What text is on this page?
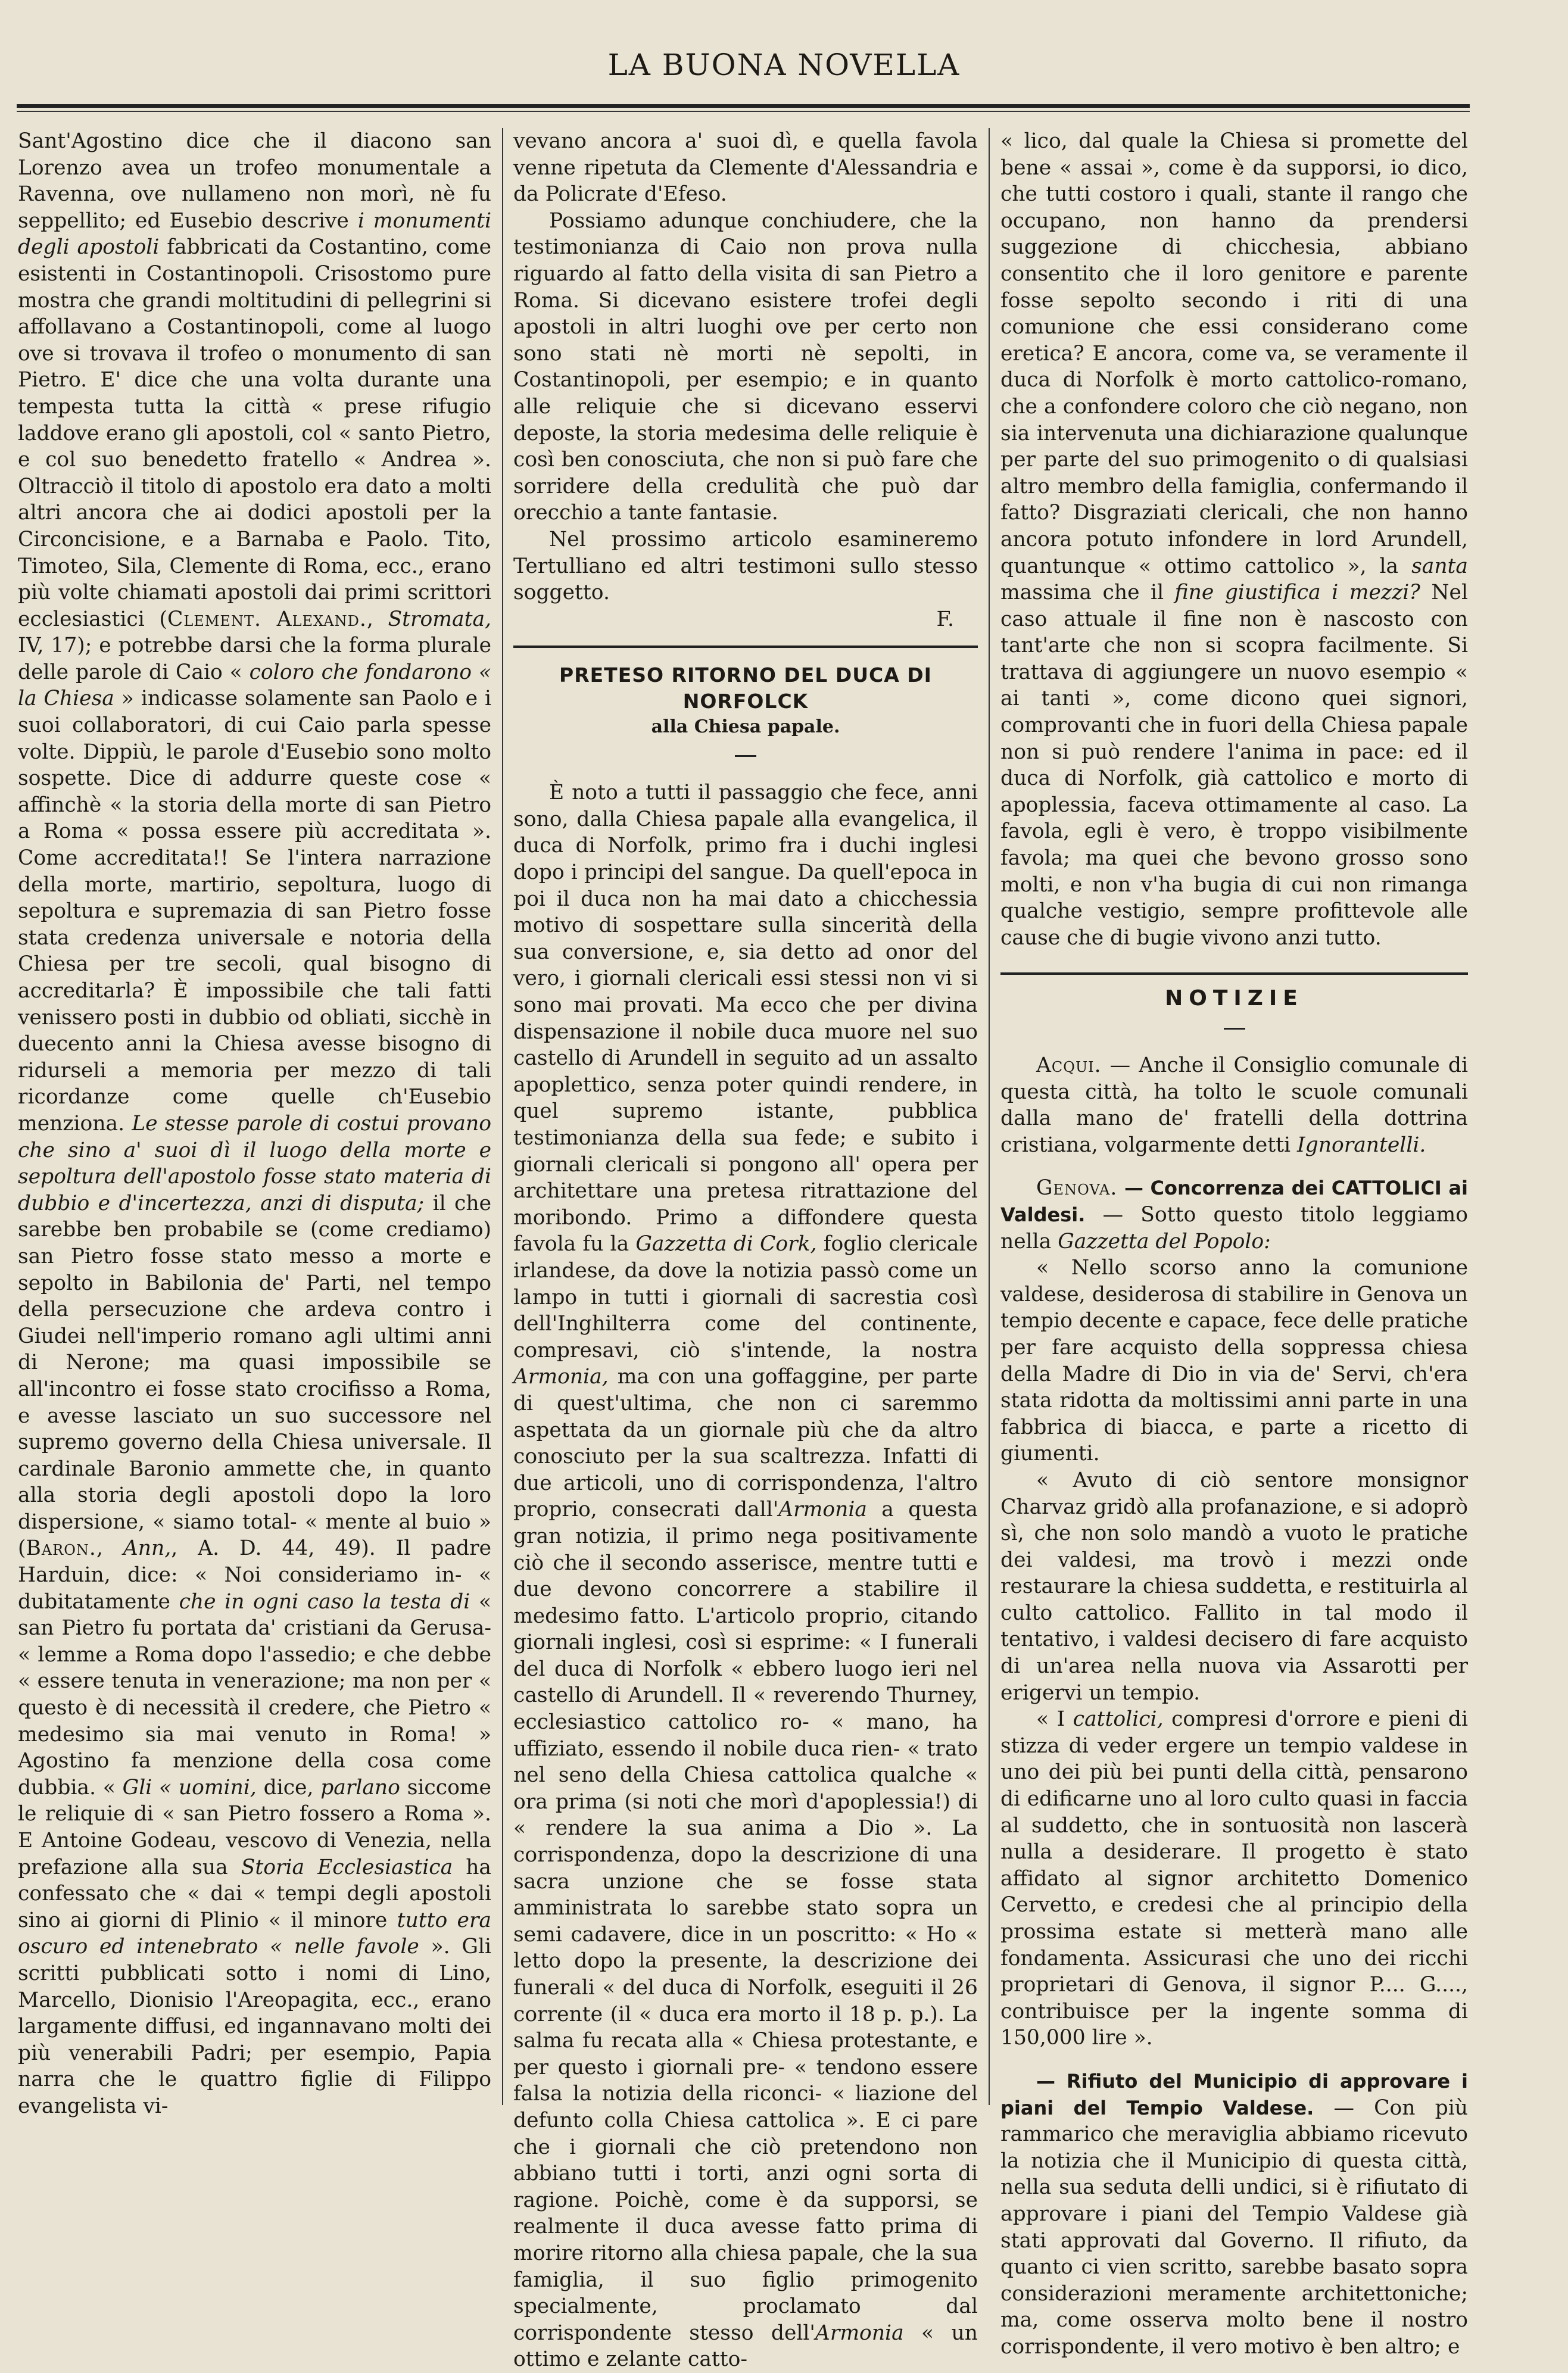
LA BUONA NOVELLA

Sant'Agostino dice che il diacono san Lorenzo avea un trofeo monumentale a Ravenna, ove nullameno non morì, nè fu seppellito; ed Eusebio descrive i monumenti degli apostoli fabbricati da Costantino, come esistenti in Costantinopoli. Crisostomo pure mostra che grandi moltitudini di pellegrini si affollavano a Costantinopoli, come al luogo ove si trovava il trofeo o monumento di san Pietro. E' dice che una volta durante una tempesta tutta la città « prese rifugio laddove erano gli apostoli, col « santo Pietro, e col suo benedetto fratello « Andrea ». Oltracciò il titolo di apostolo era dato a molti altri ancora che ai dodici apostoli per la Circoncisione, e a Barnaba e Paolo. Tito, Timoteo, Sila, Clemente di Roma, ecc., erano più volte chiamati apostoli dai primi scrittori ecclesiastici (Clement. Alexand., Stromata, IV, 17); e potrebbe darsi che la forma plurale delle parole di Caio « coloro che fondarono « la Chiesa » indicasse solamente san Paolo e i suoi collaboratori, di cui Caio parla spesse volte. Dippiù, le parole d'Eusebio sono molto sospette. Dice di addurre queste cose « affinchè « la storia della morte di san Pietro a Roma « possa essere più accreditata ». Come accreditata!! Se l'intera narrazione della morte, martirio, sepoltura, luogo di sepoltura e supremazia di san Pietro fosse stata credenza universale e notoria della Chiesa per tre secoli, qual bisogno di accreditarla? È impossibile che tali fatti venissero posti in dubbio od obliati, sicchè in duecento anni la Chiesa avesse bisogno di ridurseli a memoria per mezzo di tali ricordanze come quelle ch'Eusebio menziona. Le stesse parole di costui provano che sino a' suoi dì il luogo della morte e sepoltura dell'apostolo fosse stato materia di dubbio e d'incertezza, anzi di disputa; il che sarebbe ben probabile se (come crediamo) san Pietro fosse stato messo a morte e sepolto in Babilonia de' Parti, nel tempo della persecuzione che ardeva contro i Giudei nell'imperio romano agli ultimi anni di Nerone; ma quasi impossibile se all'incontro ei fosse stato crocifisso a Roma, e avesse lasciato un suo successore nel supremo governo della Chiesa universale. Il cardinale Baronio ammette che, in quanto alla storia degli apostoli dopo la loro dispersione, « siamo total- « mente al buio » (Baron., Ann,, A. D. 44, 49). Il padre Harduin, dice: « Noi consideriamo in- « dubitatamente che in ogni caso la testa di « san Pietro fu portata da' cristiani da Gerusa- « lemme a Roma dopo l'assedio; e che debbe « essere tenuta in venerazione; ma non per « questo è di necessità il credere, che Pietro « medesimo sia mai venuto in Roma! » Agostino fa menzione della cosa come dubbia. « Gli « uomini, dice, parlano siccome le reliquie di « san Pietro fossero a Roma ». E Antoine Godeau, vescovo di Venezia, nella prefazione alla sua Storia Ecclesiastica ha confessato che « dai « tempi degli apostoli sino ai giorni di Plinio « il minore tutto era oscuro ed intenebrato « nelle favole ». Gli scritti pubblicati sotto i nomi di Lino, Marcello, Dionisio l'Areopagita, ecc., erano largamente diffusi, ed ingannavano molti dei più venerabili Padri; per esempio, Papia narra che le quattro figlie di Filippo evangelista vi-

vevano ancora a' suoi dì, e quella favola venne ripetuta da Clemente d'Alessandria e da Policrate d'Efeso.

Possiamo adunque conchiudere, che la testimonianza di Caio non prova nulla riguardo al fatto della visita di san Pietro a Roma. Si dicevano esistere trofei degli apostoli in altri luoghi ove per certo non sono stati nè morti nè sepolti, in Costantinopoli, per esempio; e in quanto alle reliquie che si dicevano esservi deposte, la storia medesima delle reliquie è così ben conosciuta, che non si può fare che sorridere della credulità che può dar orecchio a tante fantasie.

Nel prossimo articolo esamineremo Tertulliano ed altri testimoni sullo stesso soggetto.

F.

PRETESO RITORNO DEL DUCA DI NORFOLCK
alla Chiesa papale.

È noto a tutti il passaggio che fece, anni sono, dalla Chiesa papale alla evangelica, il duca di Norfolk, primo fra i duchi inglesi dopo i principi del sangue. Da quell'epoca in poi il duca non ha mai dato a chicchessia motivo di sospettare sulla sincerità della sua conversione, e, sia detto ad onor del vero, i giornali clericali essi stessi non vi si sono mai provati. Ma ecco che per divina dispensazione il nobile duca muore nel suo castello di Arundell in seguito ad un assalto apoplettico, senza poter quindi rendere, in quel supremo istante, pubblica testimonianza della sua fede; e subito i giornali clericali si pongono all' opera per architettare una pretesa ritrattazione del moribondo. Primo a diffondere questa favola fu la Gazzetta di Cork, foglio clericale irlandese, da dove la notizia passò come un lampo in tutti i giornali di sacrestia così dell'Inghilterra come del continente, compresavi, ciò s'intende, la nostra Armonia, ma con una goffaggine, per parte di quest'ultima, che non ci saremmo aspettata da un giornale più che da altro conosciuto per la sua scaltrezza. Infatti di due articoli, uno di corrispondenza, l'altro proprio, consecrati dall'Armonia a questa gran notizia, il primo nega positivamente ciò che il secondo asserisce, mentre tutti e due devono concorrere a stabilire il medesimo fatto. L'articolo proprio, citando giornali inglesi, così si esprime: « I funerali del duca di Norfolk « ebbero luogo ieri nel castello di Arundell. Il « reverendo Thurney, ecclesiastico cattolico ro- « mano, ha uffiziato, essendo il nobile duca rien- « trato nel seno della Chiesa cattolica qualche « ora prima (si noti che morì d'apoplessia!) di « rendere la sua anima a Dio ». La corrispondenza, dopo la descrizione di una sacra unzione che se fosse stata amministrata lo sarebbe stato sopra un semi cadavere, dice in un poscritto: « Ho « letto dopo la presente, la descrizione dei funerali « del duca di Norfolk, eseguiti il 26 corrente (il « duca era morto il 18 p. p.). La salma fu recata alla « Chiesa protestante, e per questo i giornali pre- « tendono essere falsa la notizia della riconci- « liazione del defunto colla Chiesa cattolica ». E ci pare che i giornali che ciò pretendono non abbiano tutti i torti, anzi ogni sorta di ragione. Poichè, come è da supporsi, se realmente il duca avesse fatto prima di morire ritorno alla chiesa papale, che la sua famiglia, il suo figlio primogenito specialmente, proclamato dal corrispondente stesso dell'Armonia « un ottimo e zelante catto-

« lico, dal quale la Chiesa si promette del bene « assai », come è da supporsi, io dico, che tutti costoro i quali, stante il rango che occupano, non hanno da prendersi suggezione di chicchesia, abbiano consentito che il loro genitore e parente fosse sepolto secondo i riti di una comunione che essi considerano come eretica? E ancora, come va, se veramente il duca di Norfolk è morto cattolico-romano, che a confondere coloro che ciò negano, non sia intervenuta una dichiarazione qualunque per parte del suo primogenito o di qualsiasi altro membro della famiglia, confermando il fatto? Disgraziati clericali, che non hanno ancora potuto infondere in lord Arundell, quantunque « ottimo cattolico », la santa massima che il fine giustifica i mezzi? Nel caso attuale il fine non è nascosto con tant'arte che non si scopra facilmente. Si trattava di aggiungere un nuovo esempio « ai tanti », come dicono quei signori, comprovanti che in fuori della Chiesa papale non si può rendere l'anima in pace: ed il duca di Norfolk, già cattolico e morto di apoplessia, faceva ottimamente al caso. La favola, egli è vero, è troppo visibilmente favola; ma quei che bevono grosso sono molti, e non v'ha bugia di cui non rimanga qualche vestigio, sempre profittevole alle cause che di bugie vivono anzi tutto.

NOTIZIE

Acqui. — Anche il Consiglio comunale di questa città, ha tolto le scuole comunali dalla mano de' fratelli della dottrina cristiana, volgarmente detti Ignorantelli.

Genova. — Concorrenza dei CATTOLICI ai Valdesi. — Sotto questo titolo leggiamo nella Gazzetta del Popolo:

« Nello scorso anno la comunione valdese, desiderosa di stabilire in Genova un tempio decente e capace, fece delle pratiche per fare acquisto della soppressa chiesa della Madre di Dio in via de' Servi, ch'era stata ridotta da moltissimi anni parte in una fabbrica di biacca, e parte a ricetto di giumenti.

« Avuto di ciò sentore monsignor Charvaz gridò alla profanazione, e si adoprò sì, che non solo mandò a vuoto le pratiche dei valdesi, ma trovò i mezzi onde restaurare la chiesa suddetta, e restituirla al culto cattolico. Fallito in tal modo il tentativo, i valdesi decisero di fare acquisto di un'area nella nuova via Assarotti per erigervi un tempio.

« I cattolici, compresi d'orrore e pieni di stizza di veder ergere un tempio valdese in uno dei più bei punti della città, pensarono di edificarne uno al loro culto quasi in faccia al suddetto, che in sontuosità non lascerà nulla a desiderare. Il progetto è stato affidato al signor architetto Domenico Cervetto, e credesi che al principio della prossima estate si metterà mano alle fondamenta. Assicurasi che uno dei ricchi proprietari di Genova, il signor P.... G...., contribuisce per la ingente somma di 150,000 lire ».

— Rifiuto del Municipio di approvare i piani del Tempio Valdese. — Con più rammarico che meraviglia abbiamo ricevuto la notizia che il Municipio di questa città, nella sua seduta delli undici, si è rifiutato di approvare i piani del Tempio Valdese già stati approvati dal Governo. Il rifiuto, da quanto ci vien scritto, sarebbe basato sopra considerazioni meramente architettoniche; ma, come osserva molto bene il nostro corrispondente, il vero motivo è ben altro; e
